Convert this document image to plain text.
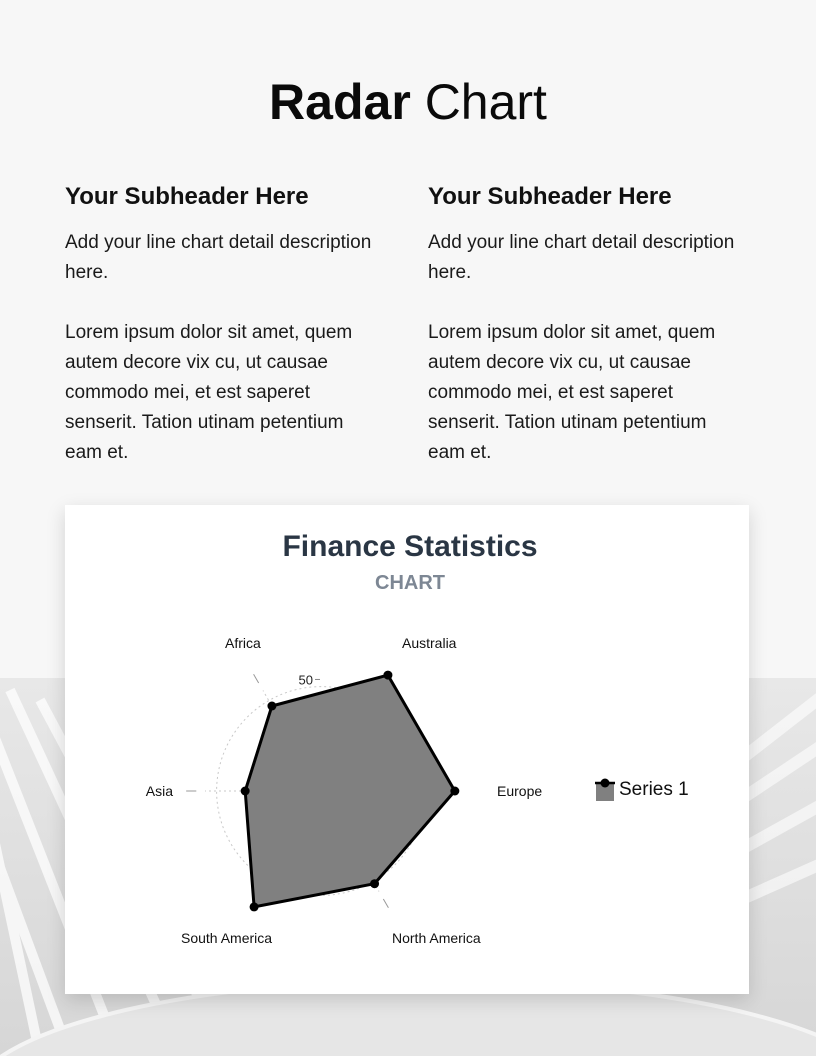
Radar Chart
Your Subheader Here

Add your line chart detail description here.

Lorem ipsum dolor sit amet, quem autem decore vix cu, ut causae commodo mei, et est saperet senserit. Tation utinam petentium eam et.

Your Subheader Here

Add your line chart detail description here.

Lorem ipsum dolor sit amet, quem autem decore vix cu, ut causae commodo mei, et est saperet senserit. Tation utinam petentium eam et.

Finance Statistics
CHART
50
Australia
Europe
North America
South America
Asia
Africa
Series 1
